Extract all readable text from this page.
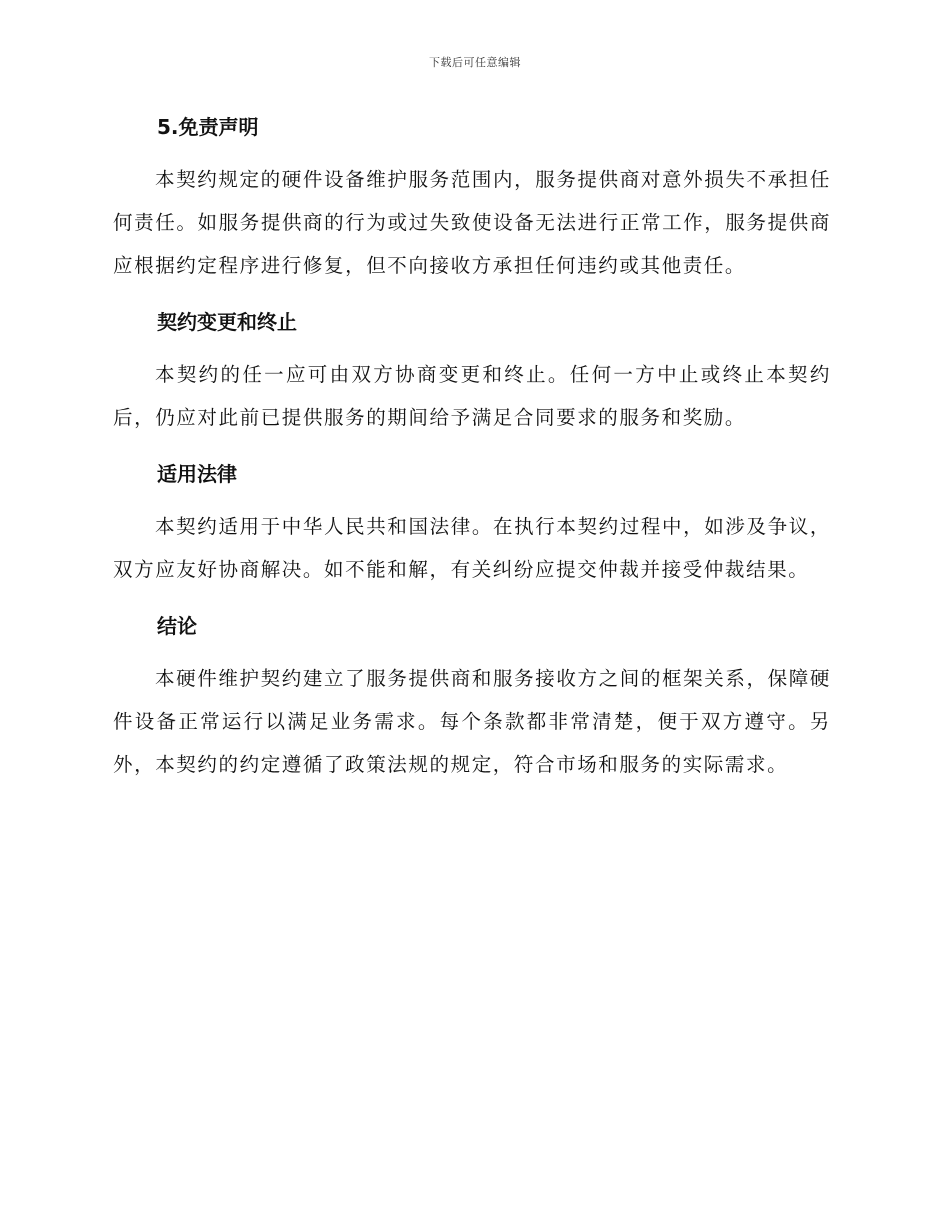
下载后可任意编辑
5.免责声明

本契约规定的硬件设备维护服务范围内，服务提供商对意外损失不承担任何责任。如服务提供商的行为或过失致使设备无法进行正常工作，服务提供商应根据约定程序进行修复，但不向接收方承担任何违约或其他责任。

契约变更和终止

本契约的任一应可由双方协商变更和终止。任何一方中止或终止本契约后，仍应对此前已提供服务的期间给予满足合同要求的服务和奖励。

适用法律

本契约适用于中华人民共和国法律。在执行本契约过程中，如涉及争议，双方应友好协商解决。如不能和解，有关纠纷应提交仲裁并接受仲裁结果。

结论

本硬件维护契约建立了服务提供商和服务接收方之间的框架关系，保障硬件设备正常运行以满足业务需求。每个条款都非常清楚，便于双方遵守。另外，本契约的约定遵循了政策法规的规定，符合市场和服务的实际需求。
